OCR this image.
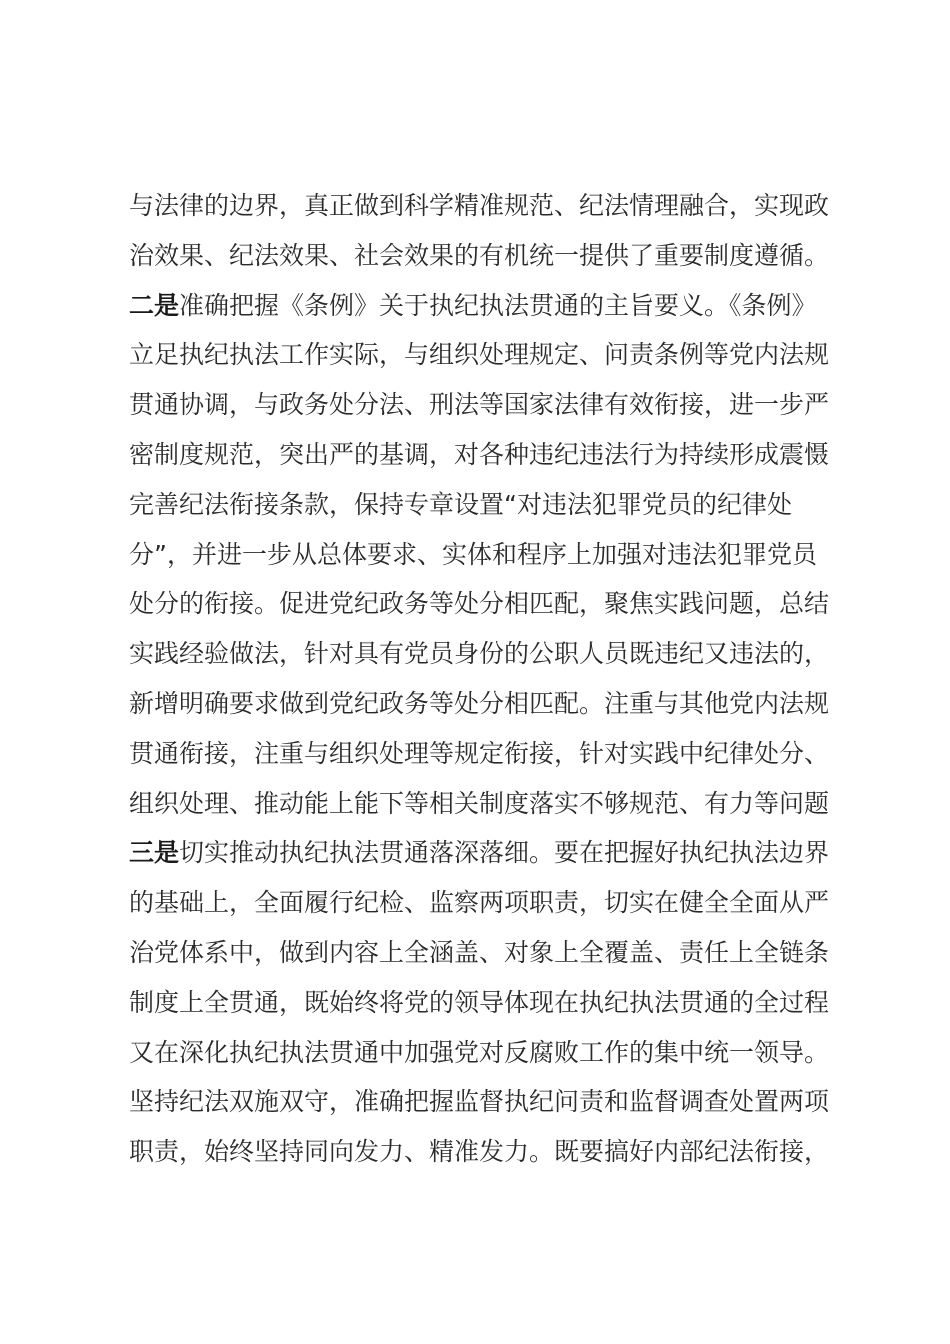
与法律的边界，真正做到科学精准规范、纪法情理融合，实现政
治效果、纪法效果、社会效果的有机统一提供了重要制度遵循。
二是准确把握《条例》关于执纪执法贯通的主旨要义。《条例》
立足执纪执法工作实际，与组织处理规定、问责条例等党内法规
贯通协调，与政务处分法、刑法等国家法律有效衔接，进一步严
密制度规范，突出严的基调，对各种违纪违法行为持续形成震慑
完善纪法衔接条款，保持专章设置“对违法犯罪党员的纪律处
分”，并进一步从总体要求、实体和程序上加强对违法犯罪党员
处分的衔接。促进党纪政务等处分相匹配，聚焦实践问题，总结
实践经验做法，针对具有党员身份的公职人员既违纪又违法的，
新增明确要求做到党纪政务等处分相匹配。注重与其他党内法规
贯通衔接，注重与组织处理等规定衔接，针对实践中纪律处分、
组织处理、推动能上能下等相关制度落实不够规范、有力等问题
三是切实推动执纪执法贯通落深落细。要在把握好执纪执法边界
的基础上，全面履行纪检、监察两项职责，切实在健全全面从严
治党体系中，做到内容上全涵盖、对象上全覆盖、责任上全链条
制度上全贯通，既始终将党的领导体现在执纪执法贯通的全过程
又在深化执纪执法贯通中加强党对反腐败工作的集中统一领导。
坚持纪法双施双守，准确把握监督执纪问责和监督调查处置两项
职责，始终坚持同向发力、精准发力。既要搞好内部纪法衔接，
